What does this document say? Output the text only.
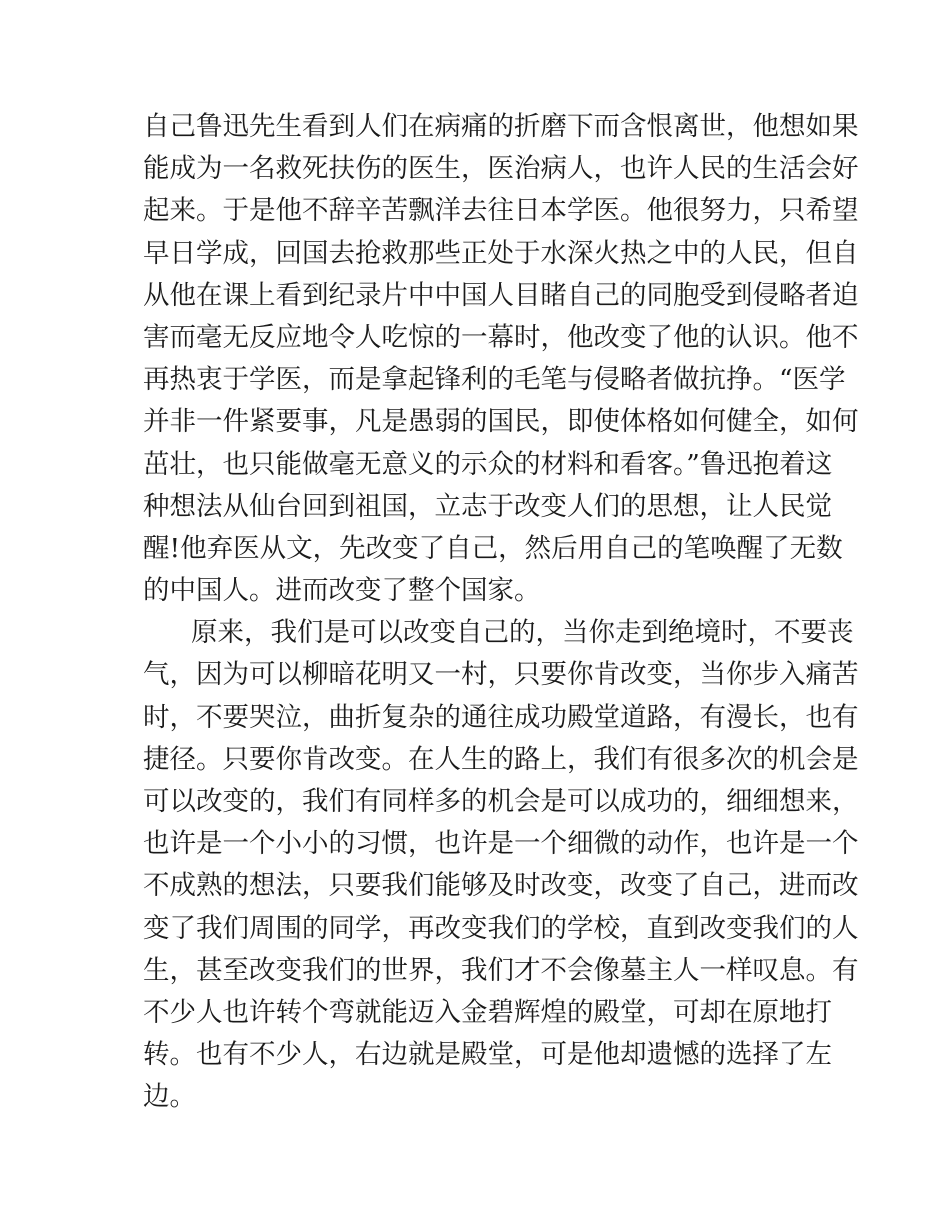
自己鲁迅先生看到人们在病痛的折磨下而含恨离世，他想如果
能成为一名救死扶伤的医生，医治病人，也许人民的生活会好
起来。于是他不辞辛苦飘洋去往日本学医。他很努力，只希望
早日学成，回国去抢救那些正处于水深火热之中的人民，但自
从他在课上看到纪录片中中国人目睹自己的同胞受到侵略者迫
害而毫无反应地令人吃惊的一幕时，他改变了他的认识。他不
再热衷于学医，而是拿起锋利的毛笔与侵略者做抗挣。“医学
并非一件紧要事，凡是愚弱的国民，即使体格如何健全，如何
茁壮，也只能做毫无意义的示众的材料和看客。”鲁迅抱着这
种想法从仙台回到祖国，立志于改变人们的思想，让人民觉
醒!他弃医从文，先改变了自己，然后用自己的笔唤醒了无数
的中国人。进而改变了整个国家。
原来，我们是可以改变自己的，当你走到绝境时，不要丧
气，因为可以柳暗花明又一村，只要你肯改变，当你步入痛苦
时，不要哭泣，曲折复杂的通往成功殿堂道路，有漫长，也有
捷径。只要你肯改变。在人生的路上，我们有很多次的机会是
可以改变的，我们有同样多的机会是可以成功的，细细想来，
也许是一个小小的习惯，也许是一个细微的动作，也许是一个
不成熟的想法，只要我们能够及时改变，改变了自己，进而改
变了我们周围的同学，再改变我们的学校，直到改变我们的人
生，甚至改变我们的世界，我们才不会像墓主人一样叹息。有
不少人也许转个弯就能迈入金碧辉煌的殿堂，可却在原地打
转。也有不少人，右边就是殿堂，可是他却遗憾的选择了左
边。
